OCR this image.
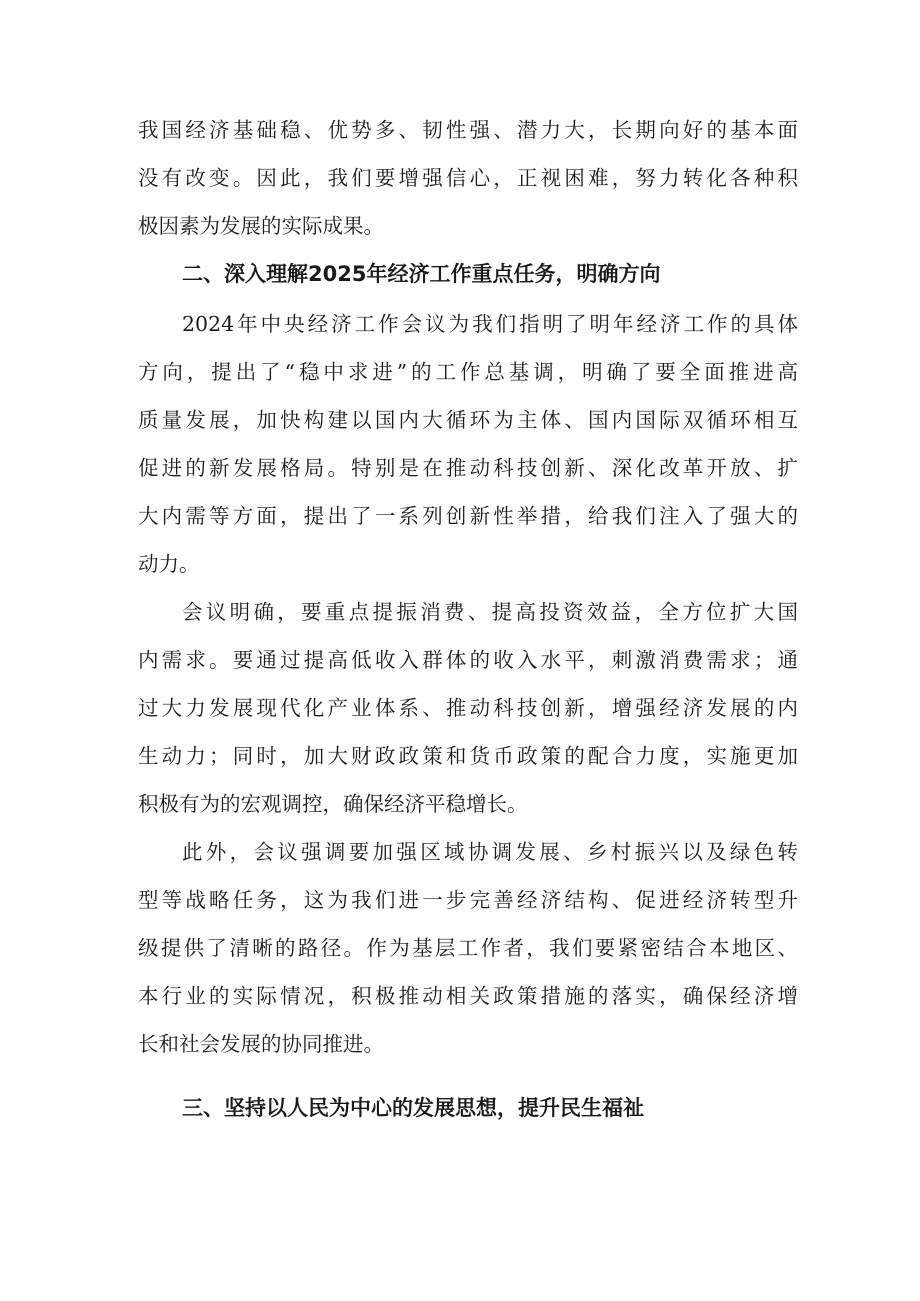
我国经济基础稳、优势多、韧性强、潜力大，长期向好的基本面
没有改变。因此，我们要增强信心，正视困难，努力转化各种积
极因素为发展的实际成果。
二、深入理解2025年经济工作重点任务，明确方向
2024年中央经济工作会议为我们指明了明年经济工作的具体
方向，提出了“稳中求进”的工作总基调，明确了要全面推进高
质量发展，加快构建以国内大循环为主体、国内国际双循环相互
促进的新发展格局。特别是在推动科技创新、深化改革开放、扩
大内需等方面，提出了一系列创新性举措，给我们注入了强大的
动力。
会议明确，要重点提振消费、提高投资效益，全方位扩大国
内需求。要通过提高低收入群体的收入水平，刺激消费需求；通
过大力发展现代化产业体系、推动科技创新，增强经济发展的内
生动力；同时，加大财政政策和货币政策的配合力度，实施更加
积极有为的宏观调控，确保经济平稳增长。
此外，会议强调要加强区域协调发展、乡村振兴以及绿色转
型等战略任务，这为我们进一步完善经济结构、促进经济转型升
级提供了清晰的路径。作为基层工作者，我们要紧密结合本地区、
本行业的实际情况，积极推动相关政策措施的落实，确保经济增
长和社会发展的协同推进。
三、坚持以人民为中心的发展思想，提升民生福祉
